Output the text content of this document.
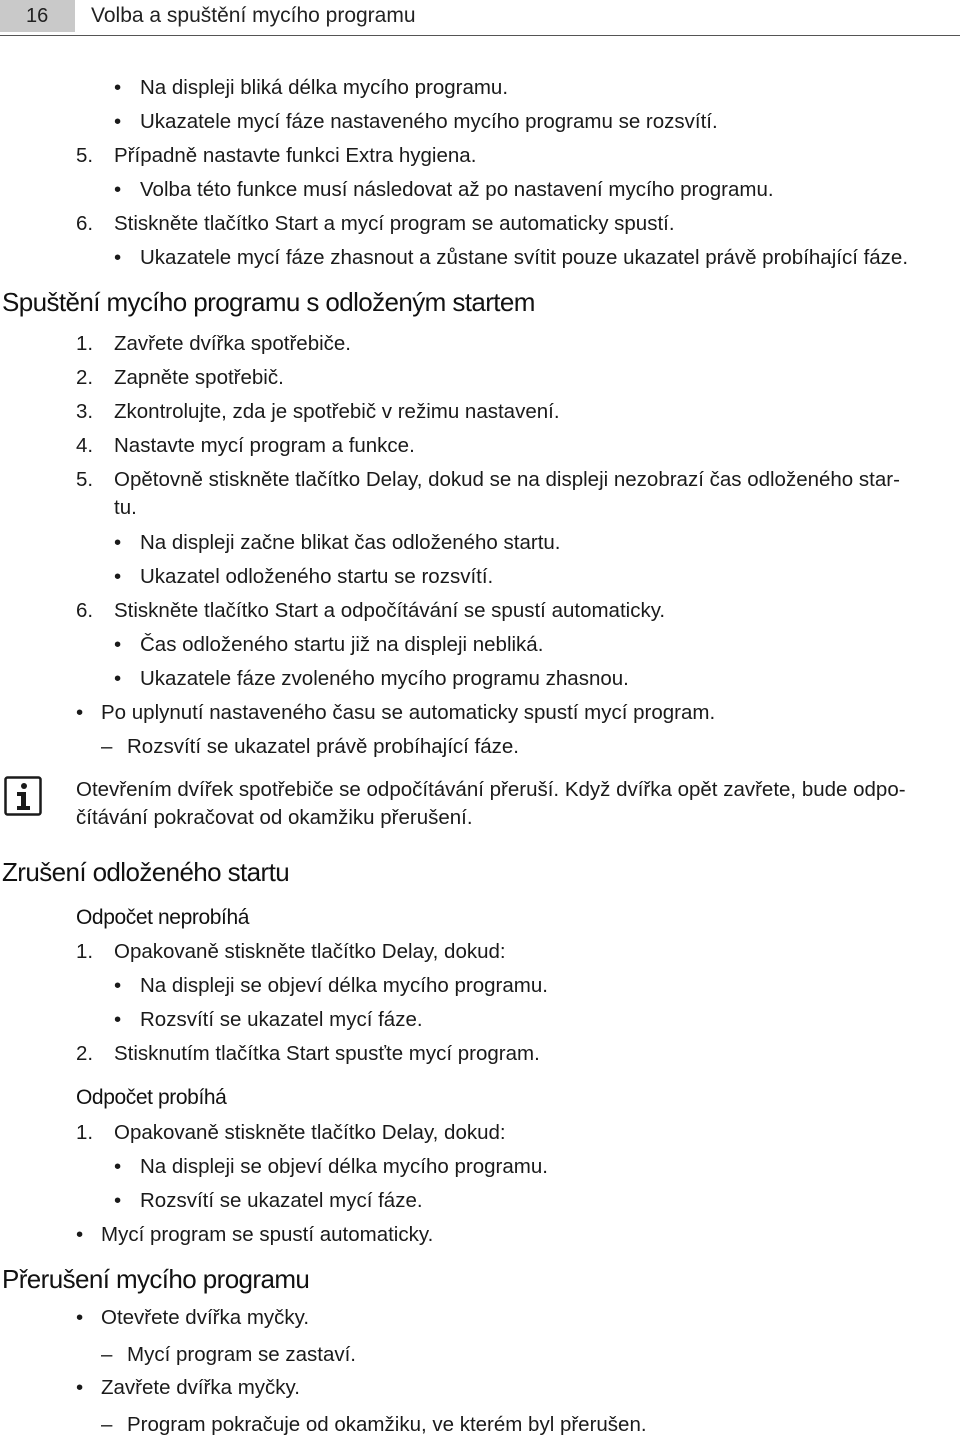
16	Volba a spuštění mycího programu
• Na displeji bliká délka mycího programu.
• Ukazatele mycí fáze nastaveného mycího programu se rozsvítí.
5. Případně nastavte funkci Extra hygiena.
• Volba této funkce musí následovat až po nastavení mycího programu.
6. Stiskněte tlačítko Start a mycí program se automaticky spustí.
• Ukazatele mycí fáze zhasnout a zůstane svítit pouze ukazatel právě probíhající fáze.
Spuštění mycího programu s odloženým startem
1. Zavřete dvířka spotřebiče.
2. Zapněte spotřebič.
3. Zkontrolujte, zda je spotřebič v režimu nastavení.
4. Nastavte mycí program a funkce.
5. Opětovně stiskněte tlačítko Delay, dokud se na displeji nezobrazí čas odloženého star-
tu.
• Na displeji začne blikat čas odloženého startu.
• Ukazatel odloženého startu se rozsvítí.
6. Stiskněte tlačítko Start a odpočítávání se spustí automaticky.
• Čas odloženého startu již na displeji nebliká.
• Ukazatele fáze zvoleného mycího programu zhasnou.
• Po uplynutí nastaveného času se automaticky spustí mycí program.
– Rozsvítí se ukazatel právě probíhající fáze.
Otevřením dvířek spotřebiče se odpočítávání přeruší. Když dvířka opět zavřete, bude odpo-
čítávání pokračovat od okamžiku přerušení.
Zrušení odloženého startu
Odpočet neprobíhá
1. Opakovaně stiskněte tlačítko Delay, dokud:
• Na displeji se objeví délka mycího programu.
• Rozsvítí se ukazatel mycí fáze.
2. Stisknutím tlačítka Start spusťte mycí program.
Odpočet probíhá
1. Opakovaně stiskněte tlačítko Delay, dokud:
• Na displeji se objeví délka mycího programu.
• Rozsvítí se ukazatel mycí fáze.
• Mycí program se spustí automaticky.
Přerušení mycího programu
• Otevřete dvířka myčky.
– Mycí program se zastaví.
• Zavřete dvířka myčky.
– Program pokračuje od okamžiku, ve kterém byl přerušen.
